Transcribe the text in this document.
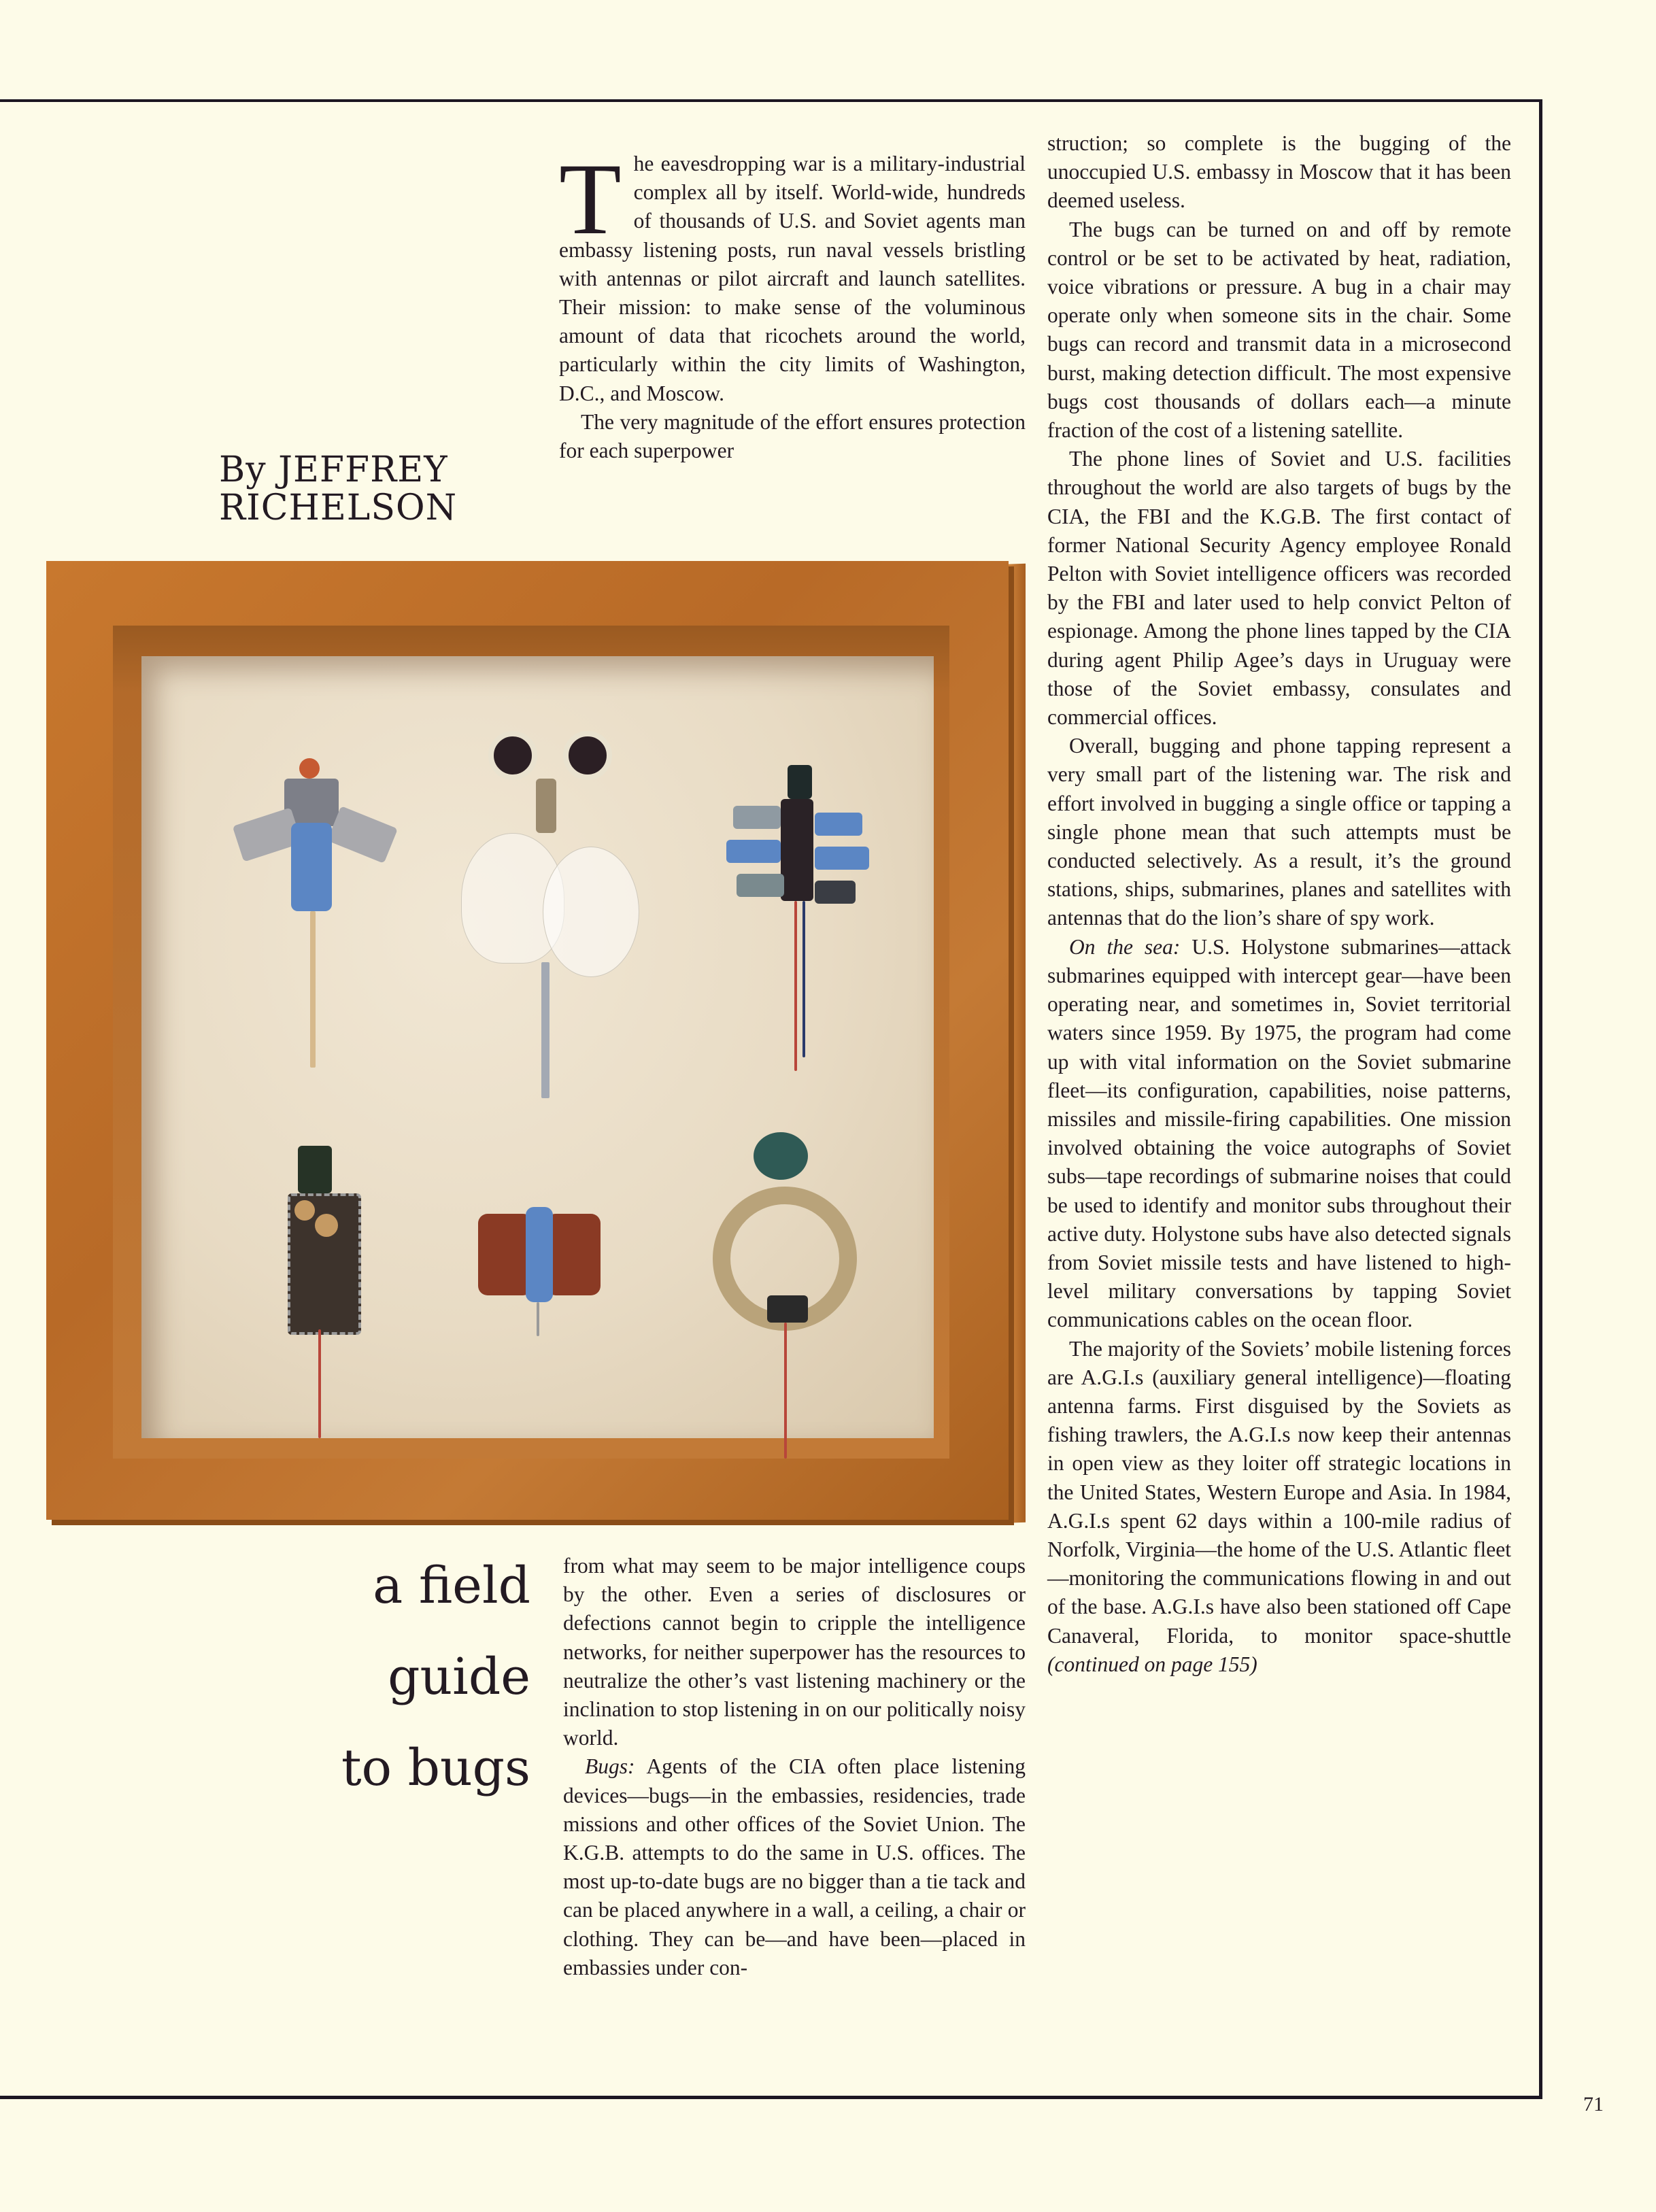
By JEFFREY
RICHELSON

The eavesdropping war is a military-industrial complex all by itself. World-wide, hundreds of thousands of U.S. and Soviet agents man embassy listening posts, run naval vessels bristling with antennas or pilot aircraft and launch satellites. Their mission: to make sense of the voluminous amount of data that ricochets around the world, particularly within the city limits of Washington, D.C., and Moscow.

The very magnitude of the effort ensures protection for each superpower

a field
guide
to bugs

from what may seem to be major intelligence coups by the other. Even a series of disclosures or defections cannot begin to cripple the intelligence networks, for neither superpower has the resources to neutralize the other’s vast listening machinery or the inclination to stop listening in on our politically noisy world.

Bugs: Agents of the CIA often place listening devices—bugs—in the embassies, residencies, trade missions and other offices of the Soviet Union. The K.G.B. attempts to do the same in U.S. offices. The most up-to-date bugs are no bigger than a tie tack and can be placed anywhere in a wall, a ceiling, a chair or clothing. They can be—and have been—placed in embassies under con-

struction; so complete is the bugging of the unoccupied U.S. embassy in Moscow that it has been deemed useless.

The bugs can be turned on and off by remote control or be set to be activated by heat, radiation, voice vibrations or pressure. A bug in a chair may operate only when someone sits in the chair. Some bugs can record and transmit data in a microsecond burst, making detection difficult. The most expensive bugs cost thousands of dollars each—a minute fraction of the cost of a listening satellite.

The phone lines of Soviet and U.S. facilities throughout the world are also targets of bugs by the CIA, the FBI and the K.G.B. The first contact of former National Security Agency employee Ronald Pelton with Soviet intelligence officers was recorded by the FBI and later used to help convict Pelton of espionage. Among the phone lines tapped by the CIA during agent Philip Agee’s days in Uruguay were those of the Soviet embassy, consulates and commercial offices.

Overall, bugging and phone tapping represent a very small part of the listening war. The risk and effort involved in bugging a single office or tapping a single phone mean that such attempts must be conducted selectively. As a result, it’s the ground stations, ships, submarines, planes and satellites with antennas that do the lion’s share of spy work.

On the sea: U.S. Holystone submarines—attack submarines equipped with intercept gear—have been operating near, and sometimes in, Soviet territorial waters since 1959. By 1975, the program had come up with vital information on the Soviet submarine fleet—its configuration, capabilities, noise patterns, missiles and missile-firing capabilities. One mission involved obtaining the voice autographs of Soviet subs—tape recordings of submarine noises that could be used to identify and monitor subs throughout their active duty. Holystone subs have also detected signals from Soviet missile tests and have listened to high-level military conversations by tapping Soviet communications cables on the ocean floor.

The majority of the Soviets’ mobile listening forces are A.G.I.s (auxiliary general intelligence)—floating antenna farms. First disguised by the Soviets as fishing trawlers, the A.G.I.s now keep their antennas in open view as they loiter off strategic locations in the United States, Western Europe and Asia. In 1984, A.G.I.s spent 62 days within a 100-mile radius of Norfolk, Virginia—the home of the U.S. Atlantic fleet—monitoring the communications flowing in and out of the base. A.G.I.s have also been stationed off Cape Canaveral, Florida, to monitor space-shuttle (continued on page 155)

71
